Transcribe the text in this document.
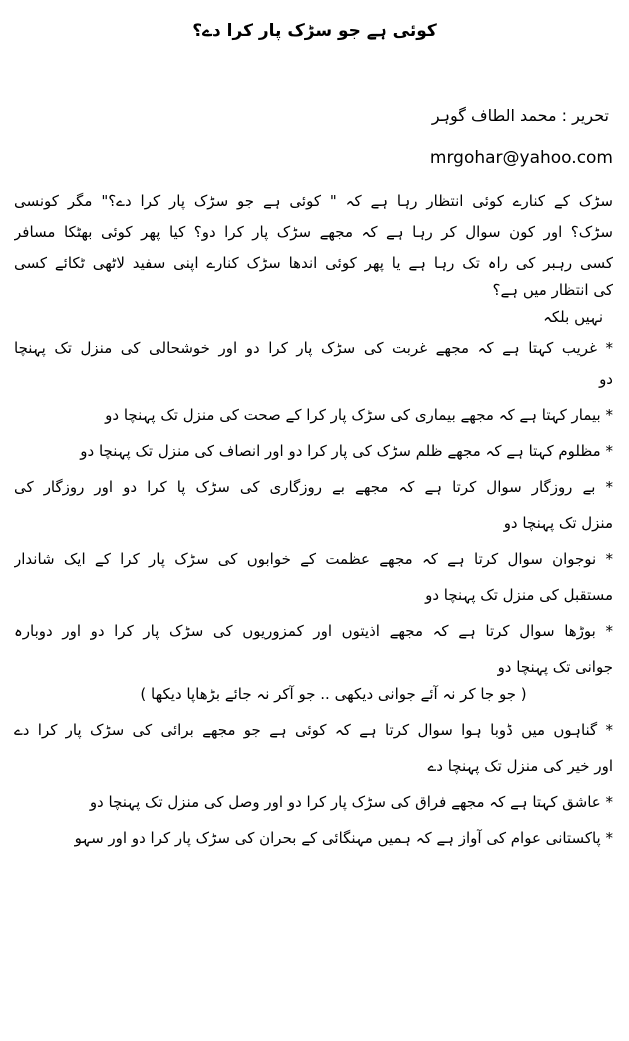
کوئی ہے جو سڑک پار کرا دے؟
تحریر : محمد الطاف گوہر
mrgohar@yahoo.com
سڑک کے کنارے کوئی انتظار رہا ہے کہ " کوئی ہے جو سڑک پار کرا دے؟" مگر کونسی
سڑک؟ اور کون سوال کر رہا ہے کہ مجھے سڑک پار کرا دو؟ کیا پھر کوئی بھٹکا مسافر
کسی رہبر کی راہ تک رہا ہے یا پھر کوئی اندھا سڑک کنارے اپنی سفید لاٹھی ٹکائے کسی
کی انتظار میں ہے؟
نہیں بلکہ
* غریب کہتا ہے کہ مجھے غربت کی سڑک پار کرا دو اور خوشحالی کی منزل تک پہنچا
دو
* بیمار کہتا ہے کہ مجھے بیماری کی سڑک پار کرا کے صحت کی منزل تک پہنچا دو
* مظلوم کہتا ہے کہ مجھے ظلم سڑک کی پار کرا دو اور انصاف کی منزل تک پہنچا دو
* بے روزگار سوال کرتا ہے کہ مجھے بے روزگاری کی سڑک پا کرا دو اور روزگار کی
منزل تک پہنچا دو
* نوجوان سوال کرتا ہے کہ مجھے عظمت کے خوابوں کی سڑک پار کرا کے ایک شاندار
مستقبل کی منزل تک پہنچا دو
* بوڑھا سوال کرتا ہے کہ مجھے اذیتوں اور کمزوریوں کی سڑک پار کرا دو اور دوبارہ
جوانی تک پہنچا دو
( جو جا کر نہ آئے جوانی دیکھی .. جو آکر نہ جائے بڑھاپا دیکھا )
* گناہوں میں ڈوبا ہوا سوال کرتا ہے کہ کوئی ہے جو مجھے برائی کی سڑک پار کرا دے
اور خیر کی منزل تک پہنچا دے
* عاشق کہتا ہے کہ مجھے فراق کی سڑک پار کرا دو اور وصل کی منزل تک پہنچا دو
* پاکستانی عوام کی آواز ہے کہ ہمیں مہنگائی کے بحران کی سڑک پار کرا دو اور سہو
